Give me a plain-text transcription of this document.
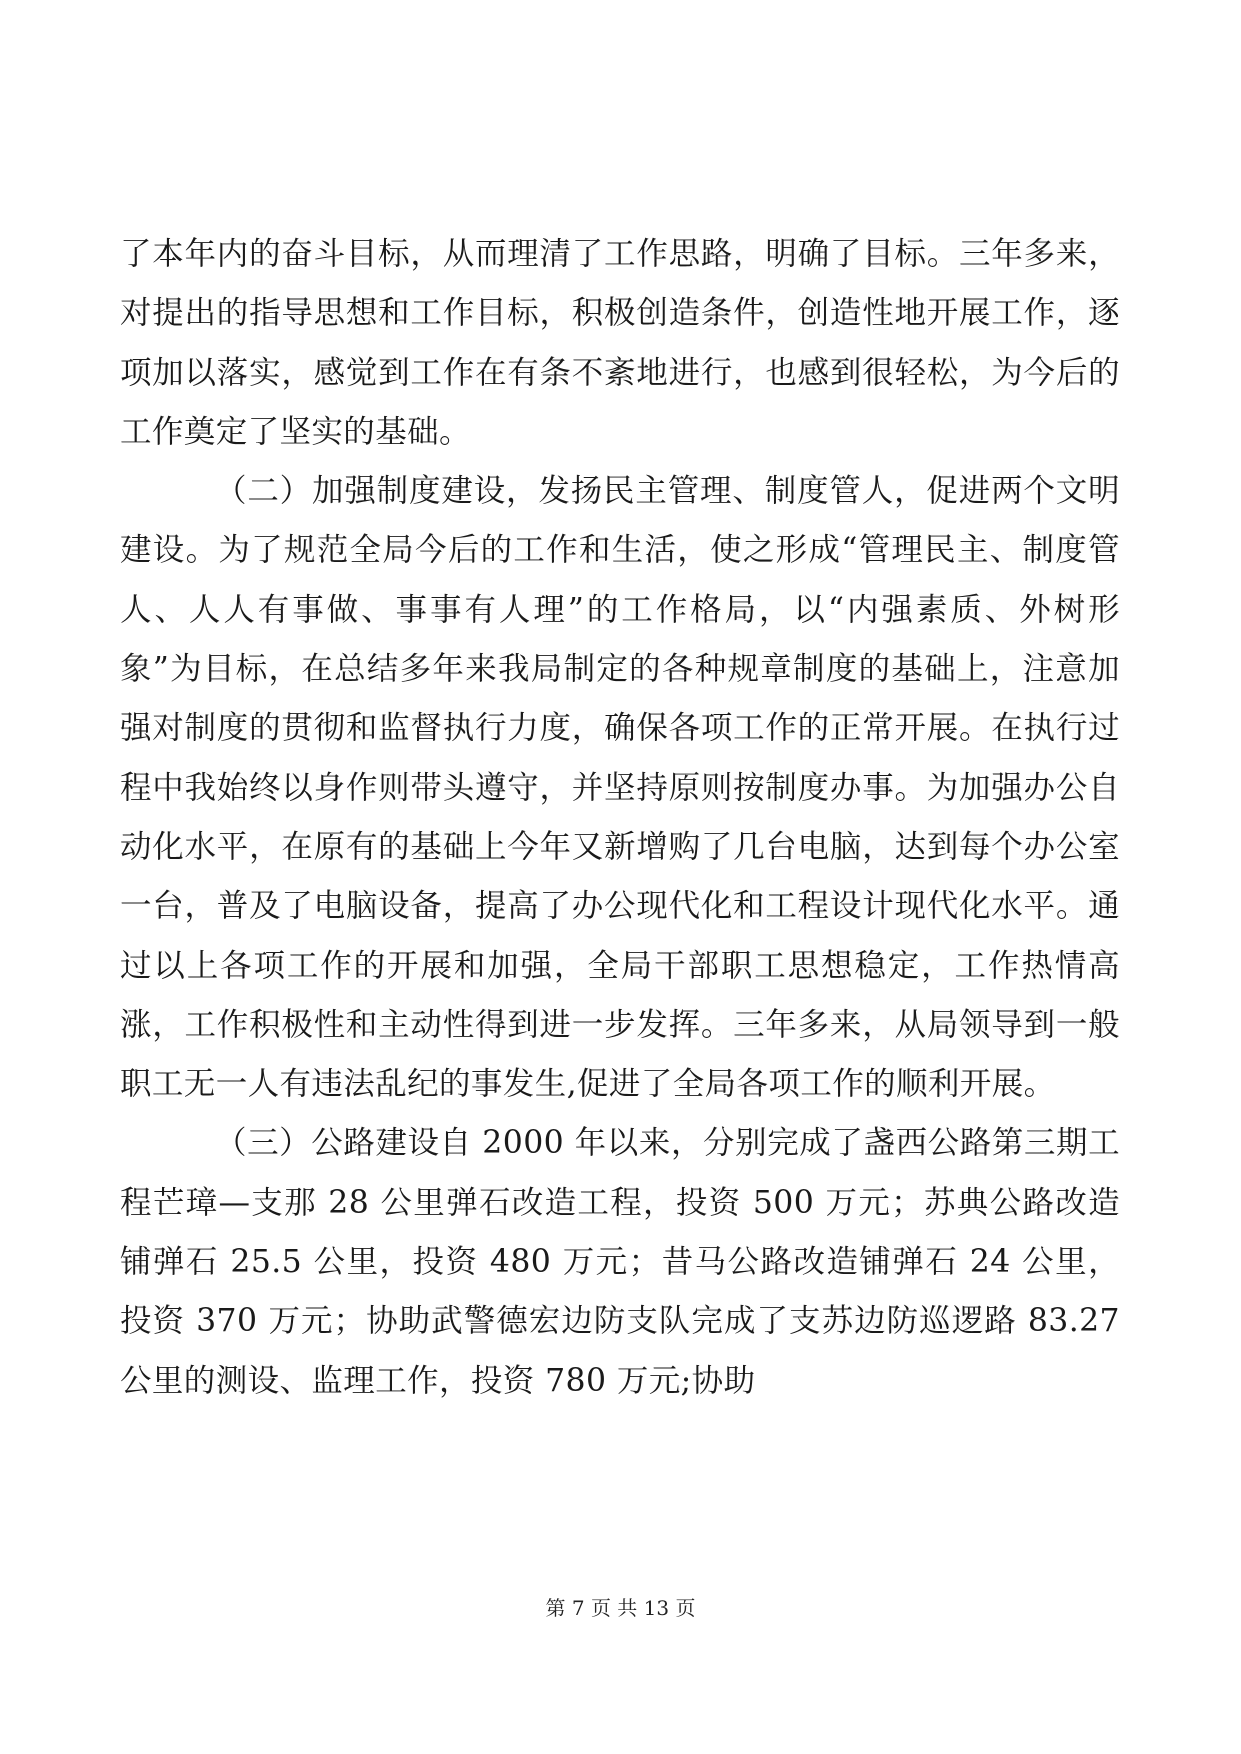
了本年内的奋斗目标，从而理清了工作思路，明确了目标。三年多来，对提出的指导思想和工作目标，积极创造条件，创造性地开展工作，逐项加以落实，感觉到工作在有条不紊地进行，也感到很轻松，为今后的工作奠定了坚实的基础。

（二）加强制度建设，发扬民主管理、制度管人，促进两个文明建设。为了规范全局今后的工作和生活，使之形成“管理民主、制度管人、人人有事做、事事有人理”的工作格局，以“内强素质、外树形象”为目标，在总结多年来我局制定的各种规章制度的基础上，注意加强对制度的贯彻和监督执行力度，确保各项工作的正常开展。在执行过程中我始终以身作则带头遵守，并坚持原则按制度办事。为加强办公自动化水平，在原有的基础上今年又新增购了几台电脑，达到每个办公室一台，普及了电脑设备，提高了办公现代化和工程设计现代化水平。通过以上各项工作的开展和加强，全局干部职工思想稳定，工作热情高涨，工作积极性和主动性得到进一步发挥。三年多来，从局领导到一般职工无一人有违法乱纪的事发生,促进了全局各项工作的顺利开展。

（三）公路建设自 2000 年以来，分别完成了盏西公路第三期工程芒璋—支那 28 公里弹石改造工程，投资 500 万元；苏典公路改造铺弹石 25.5 公里，投资 480 万元；昔马公路改造铺弹石 24 公里，投资 370 万元；协助武警德宏边防支队完成了支苏边防巡逻路 83.27 公里的测设、监理工作，投资 780 万元;协助

第 7 页 共 13 页
